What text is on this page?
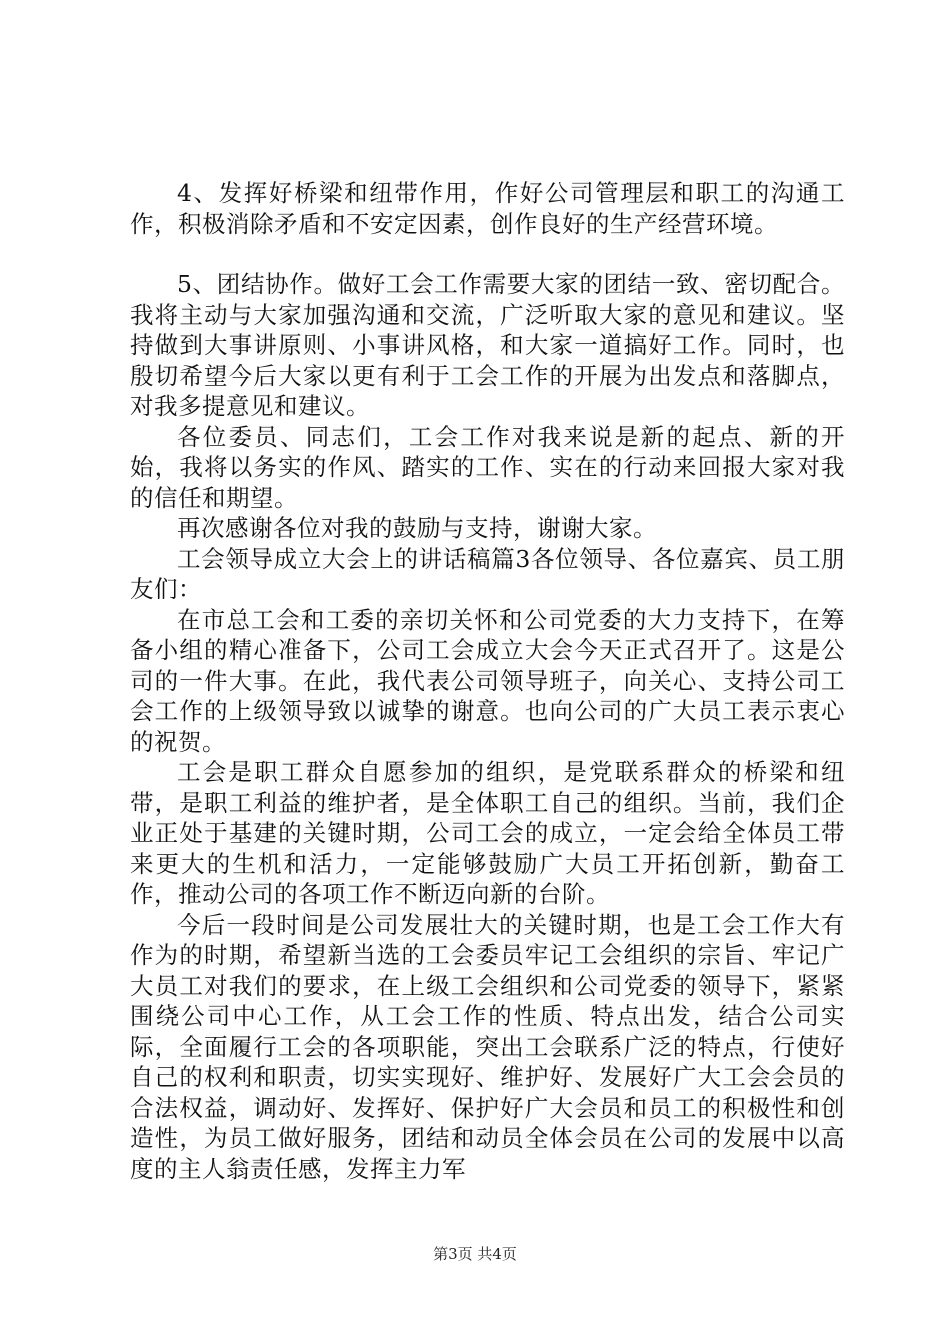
4、发挥好桥梁和纽带作用，作好公司管理层和职工的沟通工作，积极消除矛盾和不安定因素，创作良好的生产经营环境。

5、团结协作。做好工会工作需要大家的团结一致、密切配合。我将主动与大家加强沟通和交流，广泛听取大家的意见和建议。坚持做到大事讲原则、小事讲风格，和大家一道搞好工作。同时，也殷切希望今后大家以更有利于工会工作的开展为出发点和落脚点，对我多提意见和建议。

各位委员、同志们，工会工作对我来说是新的起点、新的开始，我将以务实的作风、踏实的工作、实在的行动来回报大家对我的信任和期望。

再次感谢各位对我的鼓励与支持，谢谢大家。

工会领导成立大会上的讲话稿篇3各位领导、各位嘉宾、员工朋友们：

在市总工会和工委的亲切关怀和公司党委的大力支持下，在筹备小组的精心准备下，公司工会成立大会今天正式召开了。这是公司的一件大事。在此，我代表公司领导班子，向关心、支持公司工会工作的上级领导致以诚挚的谢意。也向公司的广大员工表示衷心的祝贺。

工会是职工群众自愿参加的组织，是党联系群众的桥梁和纽带，是职工利益的维护者，是全体职工自己的组织。当前，我们企业正处于基建的关键时期，公司工会的成立，一定会给全体员工带来更大的生机和活力，一定能够鼓励广大员工开拓创新，勤奋工作，推动公司的各项工作不断迈向新的台阶。

今后一段时间是公司发展壮大的关键时期，也是工会工作大有作为的时期，希望新当选的工会委员牢记工会组织的宗旨、牢记广大员工对我们的要求，在上级工会组织和公司党委的领导下，紧紧围绕公司中心工作，从工会工作的性质、特点出发，结合公司实际，全面履行工会的各项职能，突出工会联系广泛的特点，行使好自己的权利和职责，切实实现好、维护好、发展好广大工会会员的合法权益，调动好、发挥好、保护好广大会员和员工的积极性和创造性，为员工做好服务，团结和动员全体会员在公司的发展中以高度的主人翁责任感，发挥主力军

第3页 共4页
